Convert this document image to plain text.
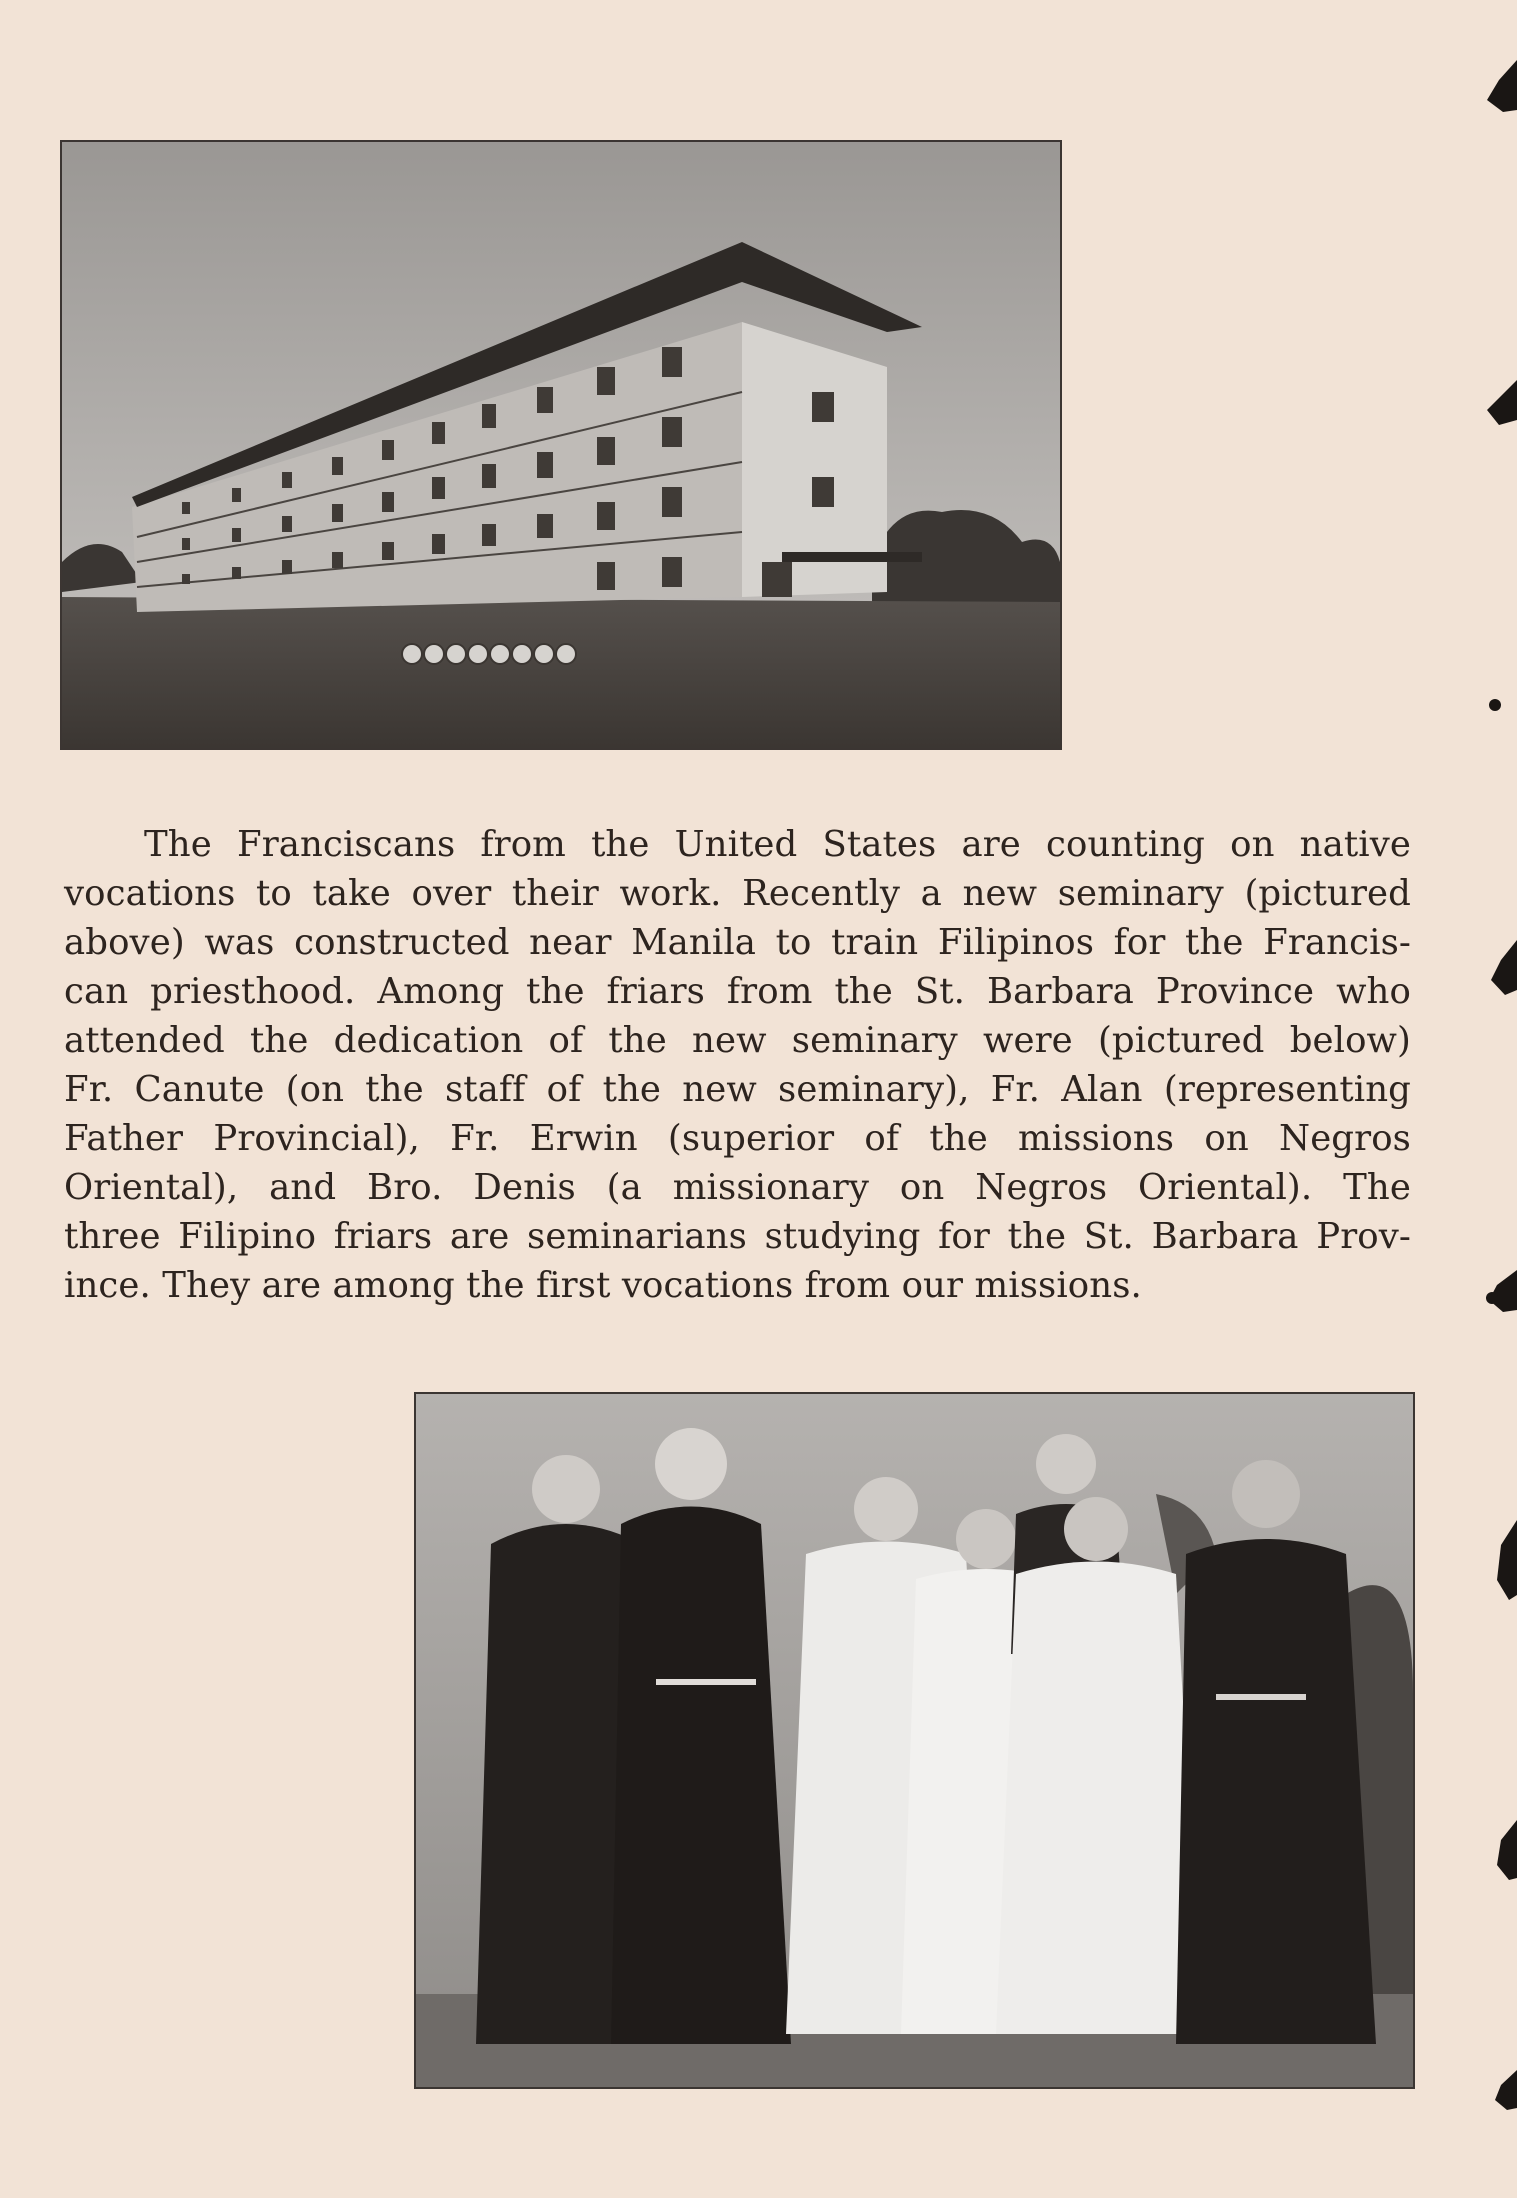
The Franciscans from the United States are counting on native
vocations to take over their work. Recently a new seminary (pictured
above) was constructed near Manila to train Filipinos for the Francis-
can priesthood. Among the friars from the St. Barbara Province who
attended the dedication of the new seminary were (pictured below)
Fr. Canute (on the staff of the new seminary), Fr. Alan (representing
Father Provincial), Fr. Erwin (superior of the missions on Negros
Oriental), and Bro. Denis (a missionary on Negros Oriental). The
three Filipino friars are seminarians studying for the St. Barbara Prov-
ince. They are among the first vocations from our missions.
